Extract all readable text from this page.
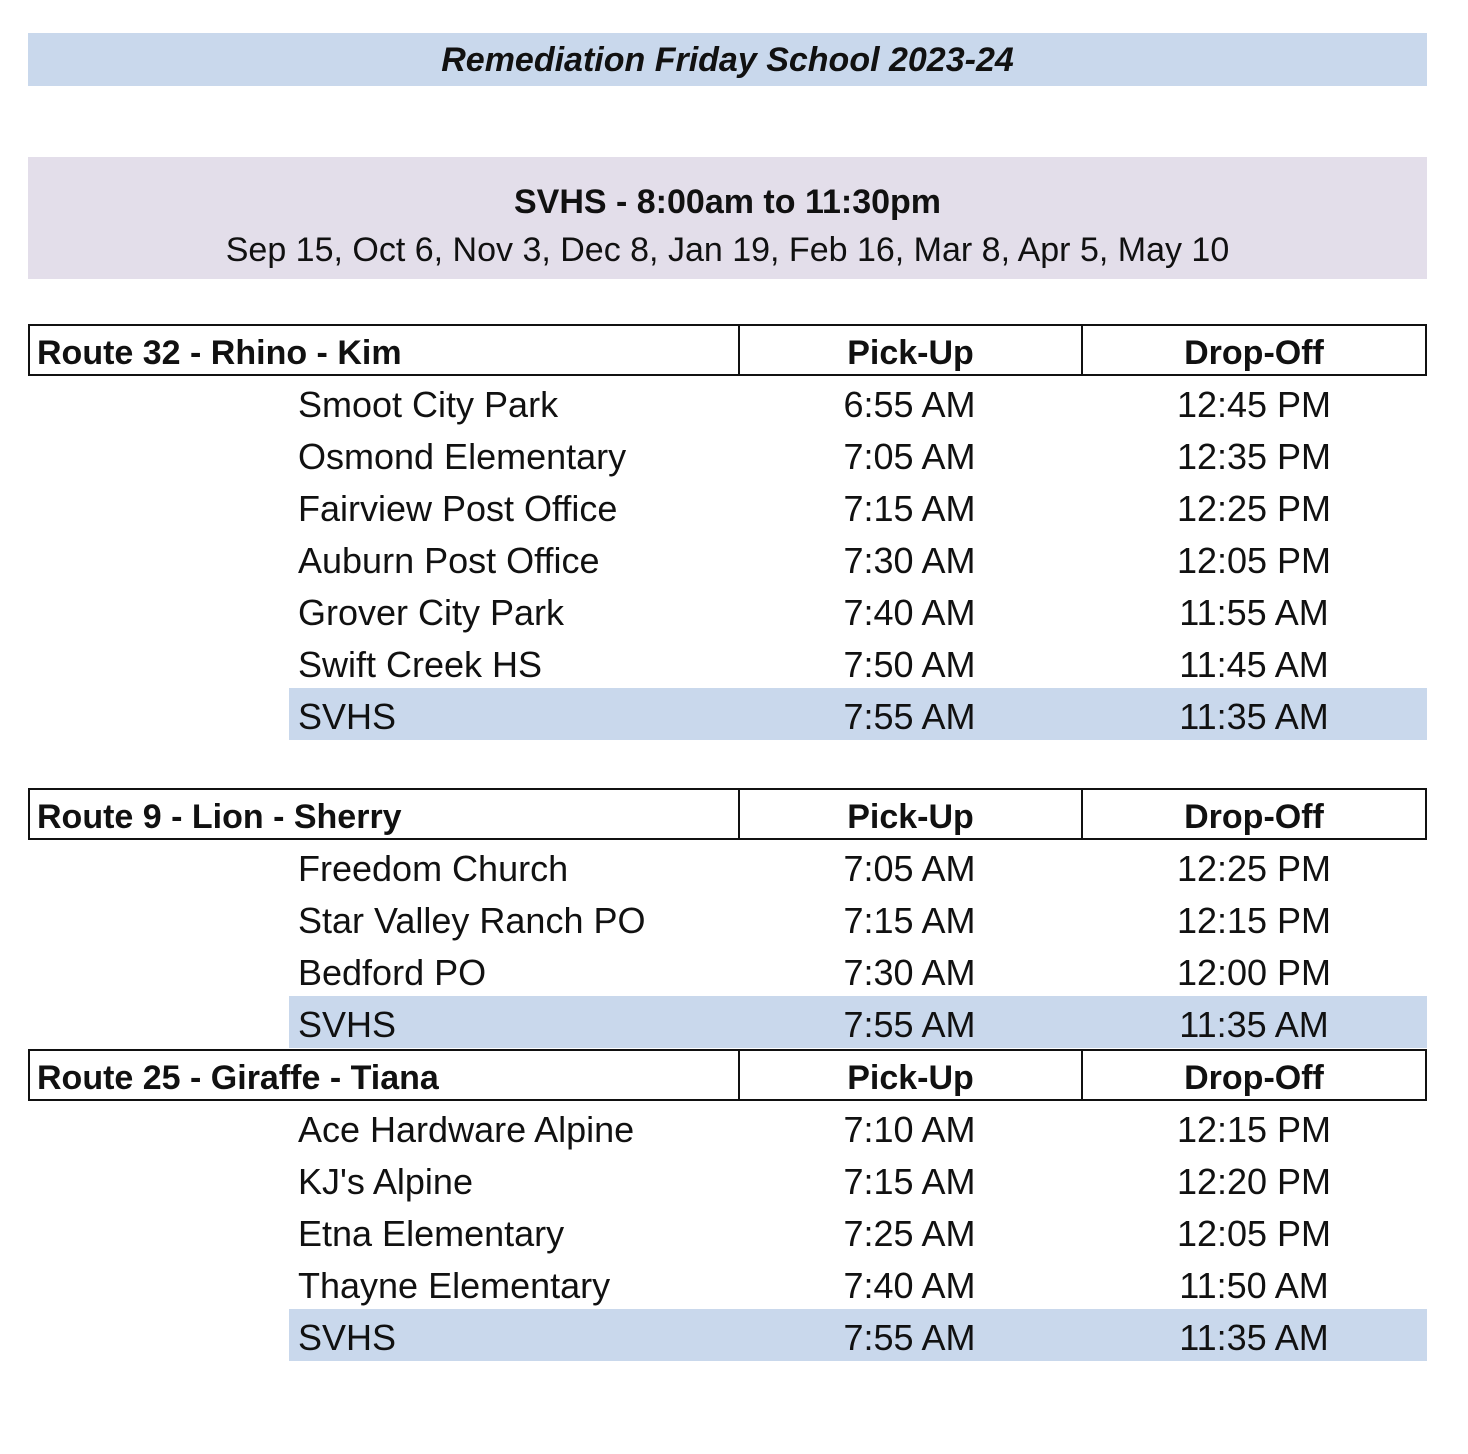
Remediation Friday School 2023-24
SVHS - 8:00am to 11:30pm
Sep 15, Oct 6, Nov 3, Dec 8, Jan 19, Feb 16, Mar 8, Apr 5, May 10
Route 32 - Rhino - Kim	Pick-Up	Drop-Off
Smoot City Park	6:55 AM	12:45 PM
Osmond Elementary	7:05 AM	12:35 PM
Fairview Post Office	7:15 AM	12:25 PM
Auburn Post Office	7:30 AM	12:05 PM
Grover City Park	7:40 AM	11:55 AM
Swift Creek HS	7:50 AM	11:45 AM
SVHS	7:55 AM	11:35 AM
Route 9 - Lion - Sherry	Pick-Up	Drop-Off
Freedom Church	7:05 AM	12:25 PM
Star Valley Ranch PO	7:15 AM	12:15 PM
Bedford PO	7:30 AM	12:00 PM
SVHS	7:55 AM	11:35 AM
Route 25 - Giraffe - Tiana	Pick-Up	Drop-Off
Ace Hardware Alpine	7:10 AM	12:15 PM
KJ's Alpine	7:15 AM	12:20 PM
Etna Elementary	7:25 AM	12:05 PM
Thayne Elementary	7:40 AM	11:50 AM
SVHS	7:55 AM	11:35 AM
